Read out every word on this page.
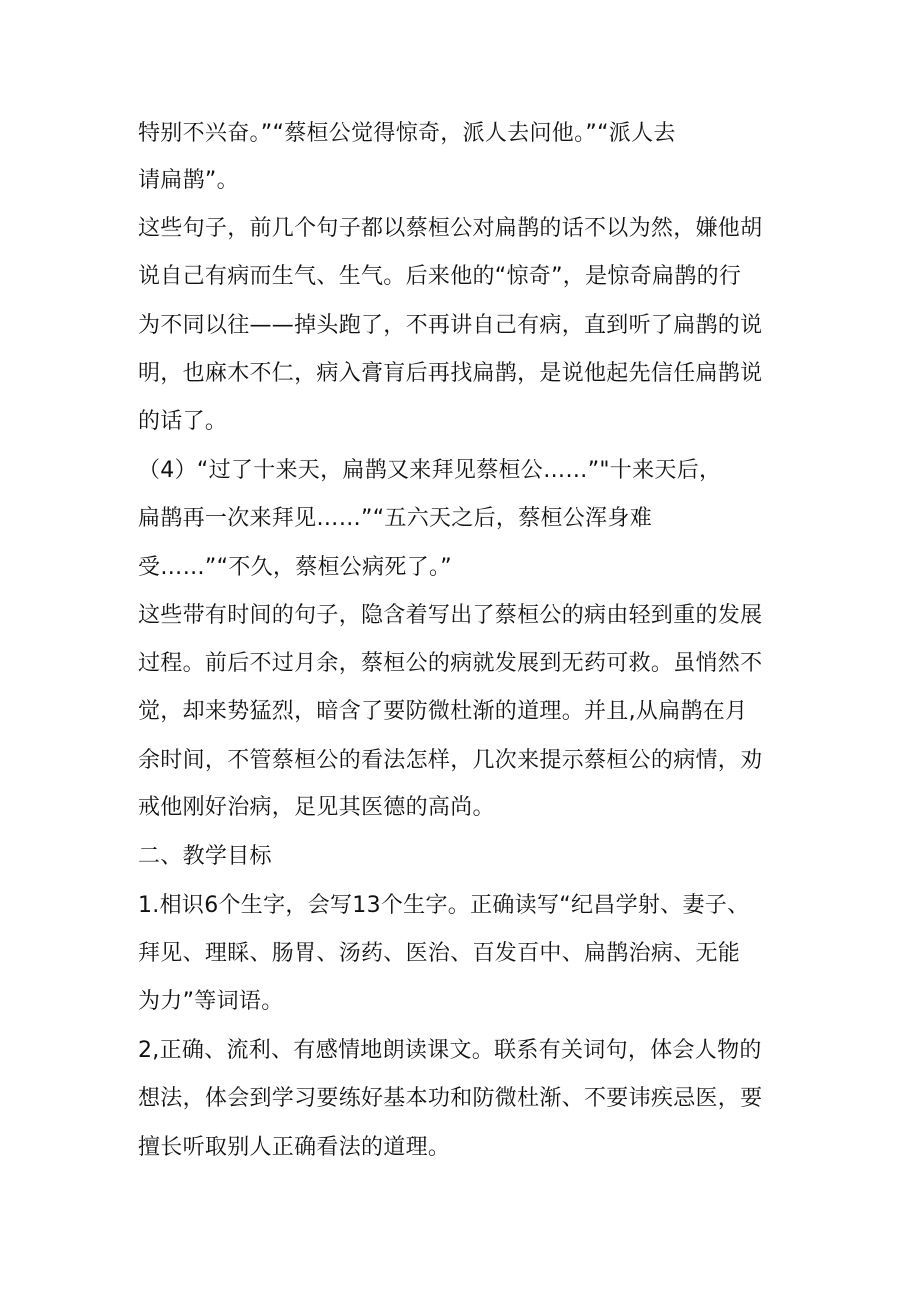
特别不兴奋。”“蔡桓公觉得惊奇，派人去问他。”“派人去
请扁鹊”。
这些句子，前几个句子都以蔡桓公对扁鹊的话不以为然，嫌他胡
说自己有病而生气、生气。后来他的“惊奇”，是惊奇扁鹊的行
为不同以往——掉头跑了，不再讲自己有病，直到听了扁鹊的说
明，也麻木不仁，病入膏肓后再找扁鹊，是说他起先信任扁鹊说
的话了。
（4）“过了十来天，扁鹊又来拜见蔡桓公……”"十来天后，
扁鹊再一次来拜见……”“五六天之后，蔡桓公浑身难
受……”“不久，蔡桓公病死了。”
这些带有时间的句子，隐含着写出了蔡桓公的病由轻到重的发展
过程。前后不过月余，蔡桓公的病就发展到无药可救。虽悄然不
觉，却来势猛烈，暗含了要防微杜渐的道理。并且,从扁鹊在月
余时间，不管蔡桓公的看法怎样，几次来提示蔡桓公的病情，劝
戒他刚好治病，足见其医德的高尚。
二、教学目标
1.相识6个生字，会写13个生字。正确读写“纪昌学射、妻子、
拜见、理睬、肠胃、汤药、医治、百发百中、扁鹊治病、无能
为力”等词语。
2,正确、流利、有感情地朗读课文。联系有关词句，体会人物的
想法，体会到学习要练好基本功和防微杜渐、不要讳疾忌医，要
擅长听取别人正确看法的道理。
